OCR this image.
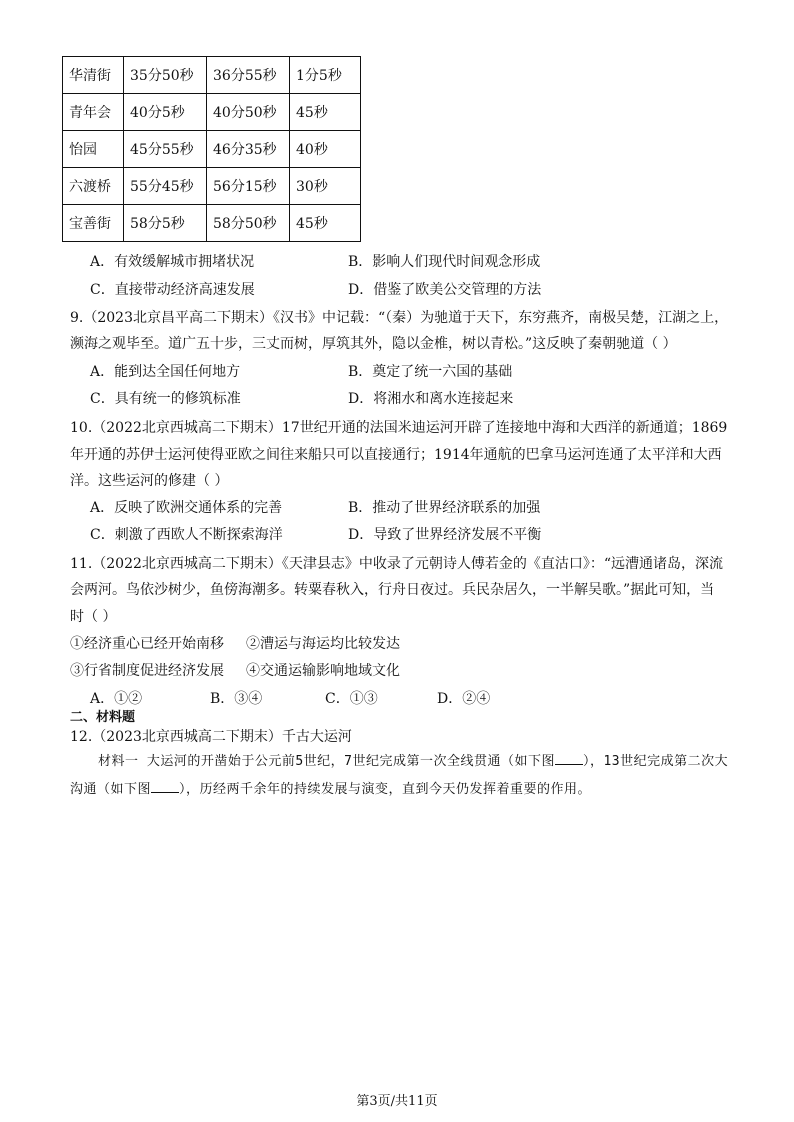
华清街	35分50秒	36分55秒	1分5秒
青年会	40分5秒	40分50秒	45秒
怡园	45分55秒	46分35秒	40秒
六渡桥	55分45秒	56分15秒	30秒
宝善街	58分5秒	58分50秒	45秒
A．有效缓解城市拥堵状况	B．影响人们现代时间观念形成
C．直接带动经济高速发展	D．借鉴了欧美公交管理的方法
9.（2023北京昌平高二下期末）《汉书》中记载：“（秦）为驰道于天下，东穷燕齐，南极吴楚，江湖之上，
濒海之观毕至。道广五十步，三丈而树，厚筑其外，隐以金椎，树以青松。”这反映了秦朝驰道（ ）
A．能到达全国任何地方	B．奠定了统一六国的基础
C．具有统一的修筑标准	D．将湘水和离水连接起来
10.（2022北京西城高二下期末）17世纪开通的法国米迪运河开辟了连接地中海和大西洋的新通道；1869
年开通的苏伊士运河使得亚欧之间往来船只可以直接通行；1914年通航的巴拿马运河连通了太平洋和大西
洋。这些运河的修建（ ）
A．反映了欧洲交通体系的完善	B．推动了世界经济联系的加强
C．刺激了西欧人不断探索海洋	D．导致了世界经济发展不平衡
11.（2022北京西城高二下期末）《天津县志》中收录了元朝诗人傅若金的《直沽口》：“远漕通诸岛，深流
会两河。鸟依沙树少，鱼傍海潮多。转粟春秋入，行舟日夜过。兵民杂居久，一半解吴歌。”据此可知，当
时（ ）
①经济重心已经开始南移 ②漕运与海运均比较发达
③行省制度促进经济发展 ④交通运输影响地域文化
A．①②	B．③④	C．①③	D．②④
二、材料题
12.（2023北京西城高二下期末）千古大运河
材料一 大运河的开凿始于公元前5世纪，7世纪完成第一次全线贯通（如下图 ），13世纪完成第二次大沟通（如下图 ），历经两千余年的持续发展与演变，直到今天仍发挥着重要的作用。
第3页/共11页
